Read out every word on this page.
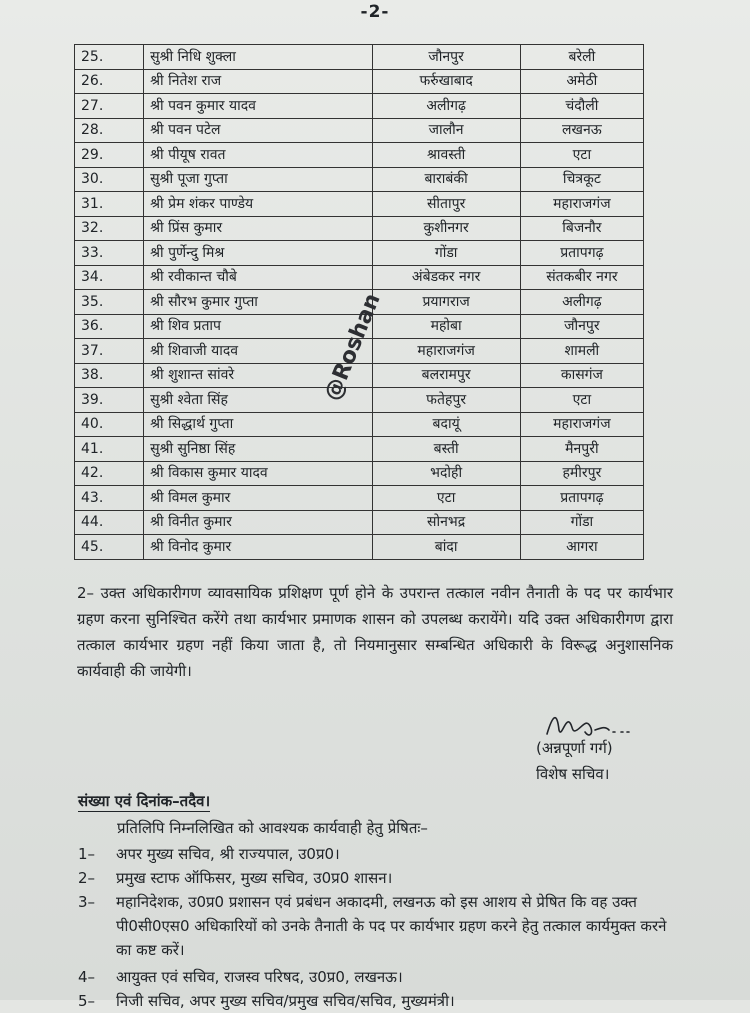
-2-
25.	सुश्री निधि शुक्ला	जौनपुर	बरेली
26.	श्री नितेश राज	फर्रुखाबाद	अमेठी
27.	श्री पवन कुमार यादव	अलीगढ़	चंदौली
28.	श्री पवन पटेल	जालौन	लखनऊ
29.	श्री पीयूष रावत	श्रावस्ती	एटा
30.	सुश्री पूजा गुप्ता	बाराबंकी	चित्रकूट
31.	श्री प्रेम शंकर पाण्डेय	सीतापुर	महाराजगंज
32.	श्री प्रिंस कुमार	कुशीनगर	बिजनौर
33.	श्री पुर्णेन्दु मिश्र	गोंडा	प्रतापगढ़
34.	श्री रवीकान्त चौबे	अंबेडकर नगर	संतकबीर नगर
35.	श्री सौरभ कुमार गुप्ता	प्रयागराज	अलीगढ़
36.	श्री शिव प्रताप	महोबा	जौनपुर
37.	श्री शिवाजी यादव	महाराजगंज	शामली
38.	श्री शुशान्त सांवरे	बलरामपुर	कासगंज
39.	सुश्री श्वेता सिंह	फतेहपुर	एटा
40.	श्री सिद्धार्थ गुप्ता	बदायूं	महाराजगंज
41.	सुश्री सुनिष्ठा सिंह	बस्ती	मैनपुरी
42.	श्री विकास कुमार यादव	भदोही	हमीरपुर
43.	श्री विमल कुमार	एटा	प्रतापगढ़
44.	श्री विनीत कुमार	सोनभद्र	गोंडा
45.	श्री विनोद कुमार	बांदा	आगरा
@Roshan
2– उक्त अधिकारीगण व्यावसायिक प्रशिक्षण पूर्ण होने के उपरान्त तत्काल नवीन तैनाती के पद पर कार्यभार ग्रहण करना सुनिश्चित करेंगे तथा कार्यभार प्रमाणक शासन को उपलब्ध करायेंगे। यदि उक्त अधिकारीगण द्वारा तत्काल कार्यभार ग्रहण नहीं किया जाता है, तो नियमानुसार सम्बन्धित अधिकारी के विरूद्ध अनुशासनिक कार्यवाही की जायेगी।
(अन्नपूर्णा गर्ग)
विशेष सचिव।
संख्या एवं दिनांक–तदैव।
प्रतिलिपि निम्नलिखित को आवश्यक कार्यवाही हेतु प्रेषितः–
1–	अपर मुख्य सचिव, श्री राज्यपाल, उ0प्र0।
2–	प्रमुख स्टाफ ऑफिसर, मुख्य सचिव, उ0प्र0 शासन।
3–	महानिदेशक, उ0प्र0 प्रशासन एवं प्रबंधन अकादमी, लखनऊ को इस आशय से प्रेषित कि वह उक्त पी0सी0एस0 अधिकारियों को उनके तैनाती के पद पर कार्यभार ग्रहण करने हेतु तत्काल कार्यमुक्त करने का कष्ट करें।
4–	आयुक्त एवं सचिव, राजस्व परिषद, उ0प्र0, लखनऊ।
5–	निजी सचिव, अपर मुख्य सचिव/प्रमुख सचिव/सचिव, मुख्यमंत्री।
